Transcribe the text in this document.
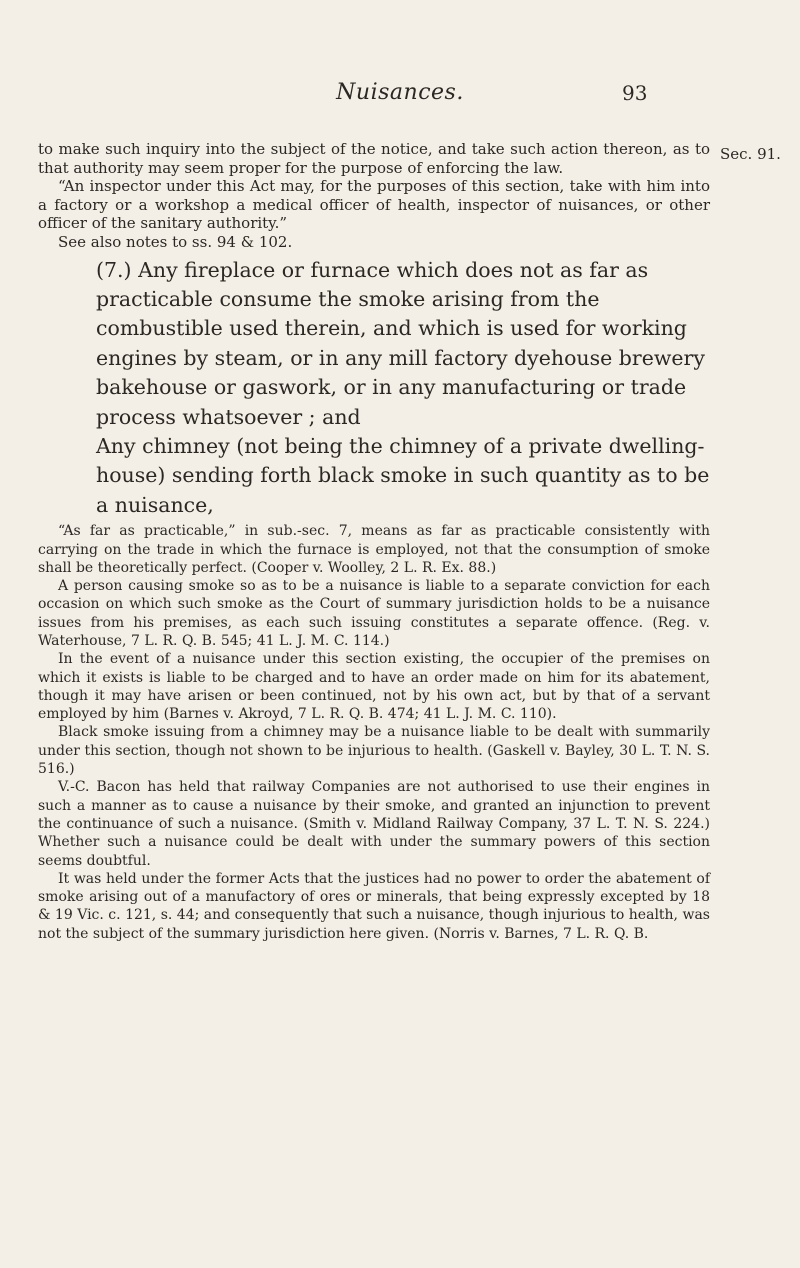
Nuisances.	93
Sec. 91.

to make such inquiry into the subject of the notice, and take such action thereon, as to that authority may seem proper for the purpose of enforcing the law.

“An inspector under this Act may, for the purposes of this section, take with him into a factory or a workshop a medical officer of health, inspector of nuisances, or other officer of the sanitary authority.”

See also notes to ss. 94 & 102.

(7.) Any fireplace or furnace which does not as far as practicable consume the smoke arising from the combustible used therein, and which is used for working engines by steam, or in any mill factory dyehouse brewery bakehouse or gaswork, or in any manufacturing or trade process whatsoever ; and

Any chimney (not being the chimney of a private dwelling-house) sending forth black smoke in such quantity as to be a nuisance,

“As far as practicable,” in sub.-sec. 7, means as far as practicable consistently with carrying on the trade in which the furnace is employed, not that the consumption of smoke shall be theoretically perfect. (Cooper v. Woolley, 2 L. R. Ex. 88.)

A person causing smoke so as to be a nuisance is liable to a separate conviction for each occasion on which such smoke as the Court of summary jurisdiction holds to be a nuisance issues from his premises, as each such issuing constitutes a separate offence. (Reg. v. Waterhouse, 7 L. R. Q. B. 545; 41 L. J. M. C. 114.)

In the event of a nuisance under this section existing, the occupier of the premises on which it exists is liable to be charged and to have an order made on him for its abatement, though it may have arisen or been continued, not by his own act, but by that of a servant employed by him (Barnes v. Akroyd, 7 L. R. Q. B. 474; 41 L. J. M. C. 110).

Black smoke issuing from a chimney may be a nuisance liable to be dealt with summarily under this section, though not shown to be injurious to health. (Gaskell v. Bayley, 30 L. T. N. S. 516.)

V.-C. Bacon has held that railway Companies are not authorised to use their engines in such a manner as to cause a nuisance by their smoke, and granted an injunction to prevent the continuance of such a nuisance. (Smith v. Midland Railway Company, 37 L. T. N. S. 224.) Whether such a nuisance could be dealt with under the summary powers of this section seems doubtful.

It was held under the former Acts that the justices had no power to order the abatement of smoke arising out of a manufactory of ores or minerals, that being expressly excepted by 18 & 19 Vic. c. 121, s. 44; and consequently that such a nuisance, though injurious to health, was not the subject of the summary jurisdiction here given. (Norris v. Barnes, 7 L. R. Q. B.
